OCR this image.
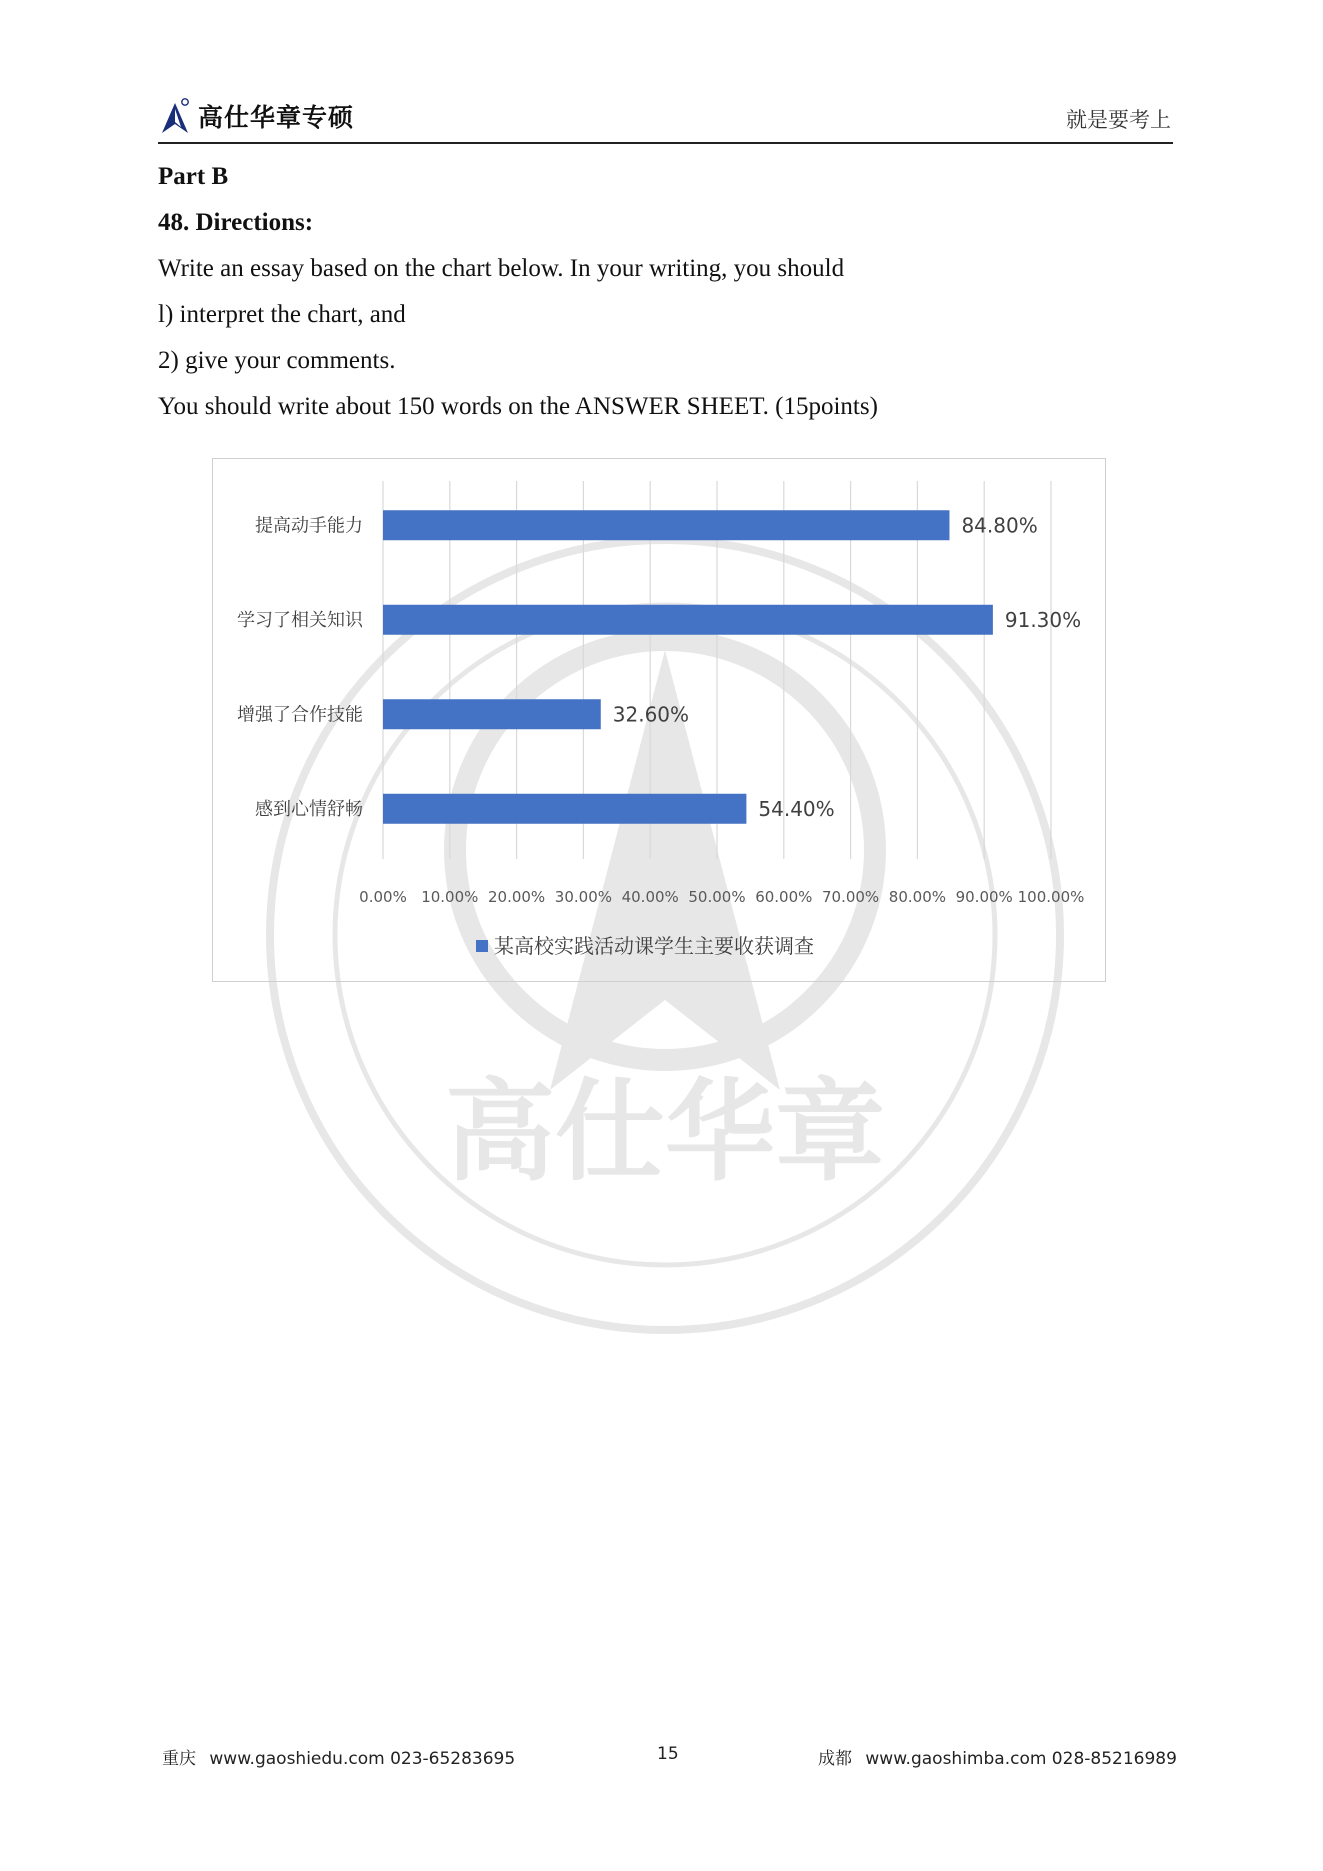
高仕华章
高仕华章专硕	就是要考上
Part B
48. Directions:
Write an essay based on the chart below. In your writing, you should
l) interpret the chart, and
2) give your comments.
You should write about 150 words on the ANSWER SHEET. (15points)
0.00% 10.00% 20.00% 30.00% 40.00% 50.00% 60.00% 70.00% 80.00% 90.00% 100.00%
提高动手能力	84.80%
学习了相关知识	91.30%
增强了合作技能	32.60%
感到心情舒畅	54.40%
某高校实践活动课学生主要收获调查
重庆 www.gaoshiedu.com 023-65283695	15	成都 www.gaoshimba.com 028-85216989
